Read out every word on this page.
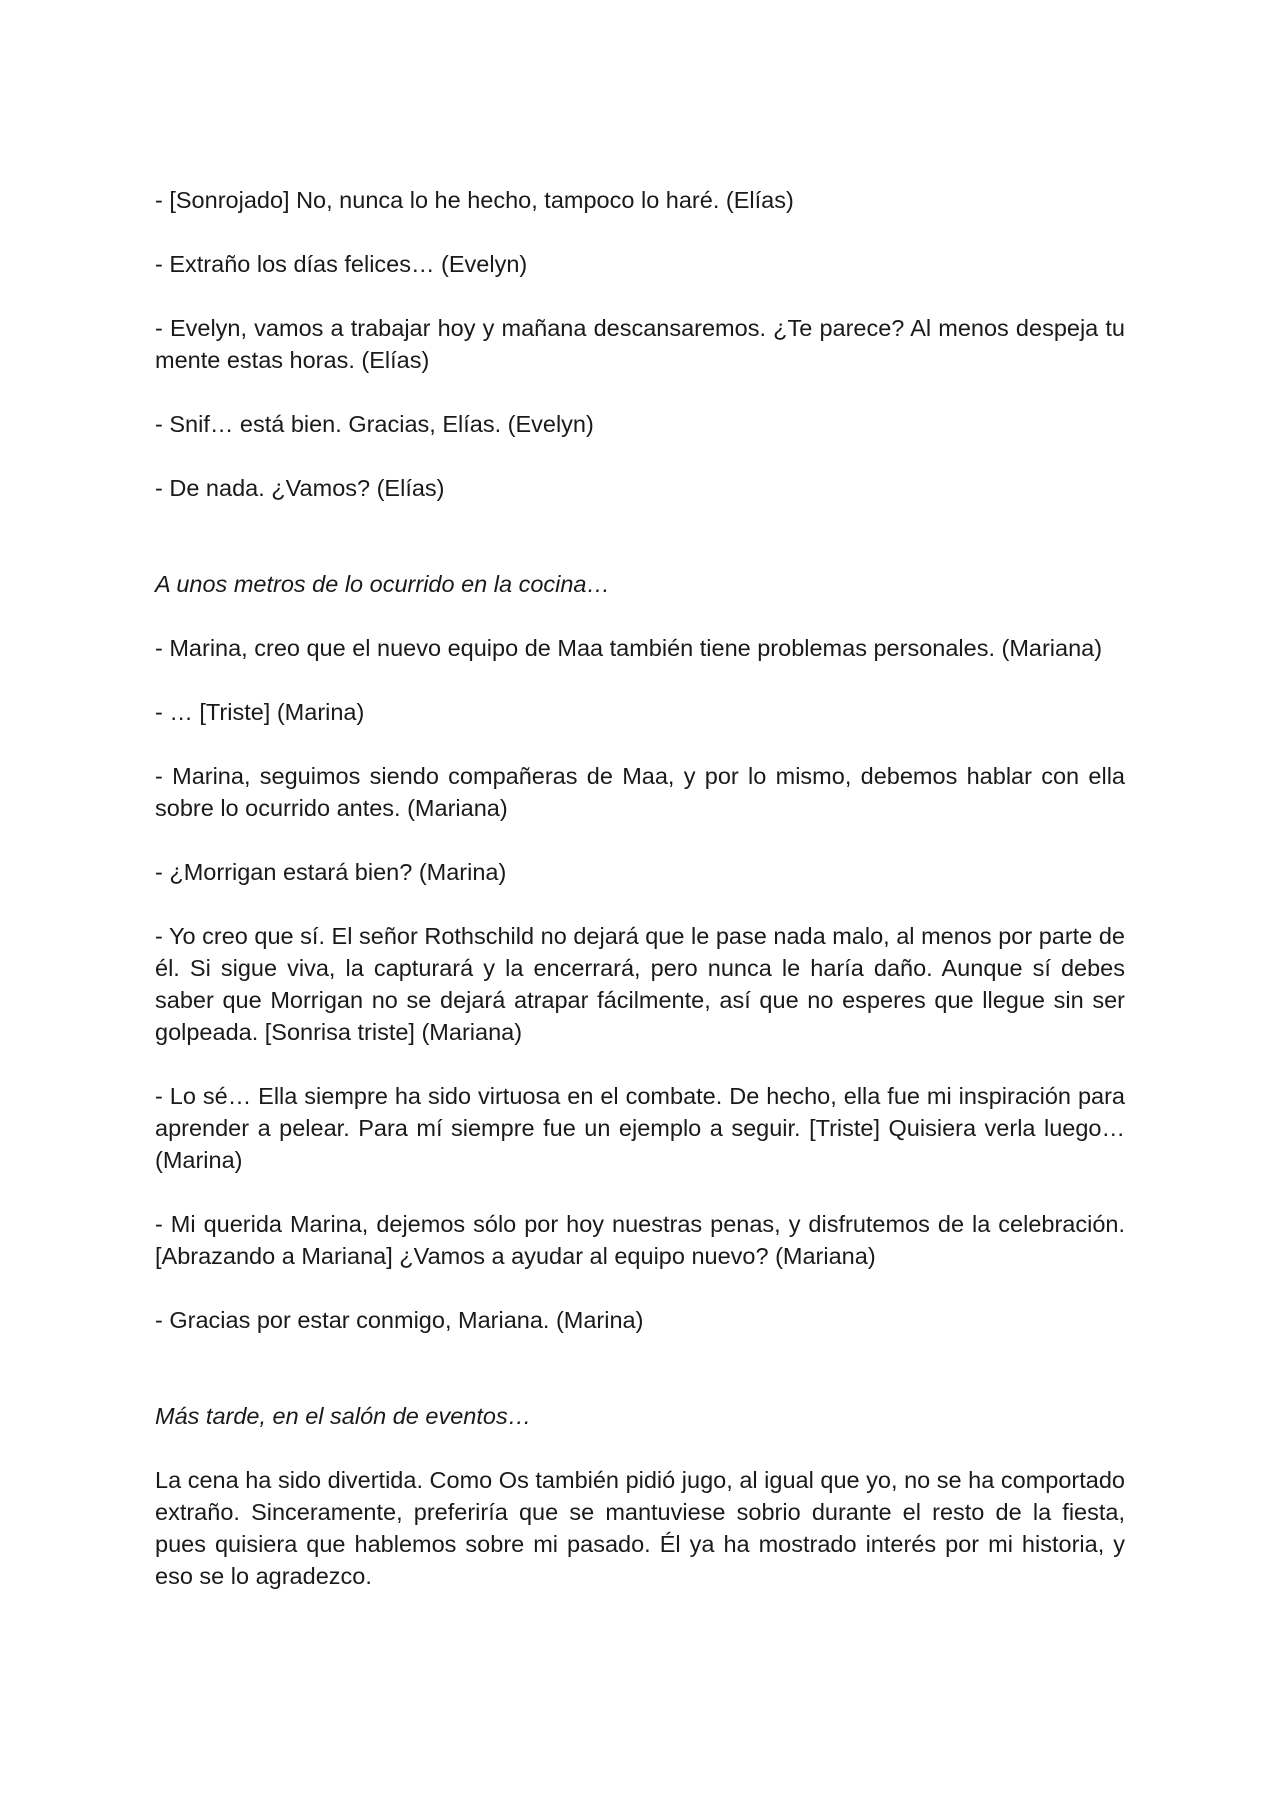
- [Sonrojado] No, nunca lo he hecho, tampoco lo haré. (Elías)

- Extraño los días felices… (Evelyn)

- Evelyn, vamos a trabajar hoy y mañana descansaremos. ¿Te parece? Al menos despeja tu mente estas horas. (Elías)

- Snif… está bien. Gracias, Elías. (Evelyn)

- De nada. ¿Vamos? (Elías)

A unos metros de lo ocurrido en la cocina…

- Marina, creo que el nuevo equipo de Maa también tiene problemas personales. (Mariana)

- … [Triste] (Marina)

- Marina, seguimos siendo compañeras de Maa, y por lo mismo, debemos hablar con ella sobre lo ocurrido antes. (Mariana)

- ¿Morrigan estará bien? (Marina)

- Yo creo que sí. El señor Rothschild no dejará que le pase nada malo, al menos por parte de él. Si sigue viva, la capturará y la encerrará, pero nunca le haría daño. Aunque sí debes saber que Morrigan no se dejará atrapar fácilmente, así que no esperes que llegue sin ser golpeada. [Sonrisa triste] (Mariana)

- Lo sé… Ella siempre ha sido virtuosa en el combate. De hecho, ella fue mi inspiración para aprender a pelear. Para mí siempre fue un ejemplo a seguir. [Triste] Quisiera verla luego… (Marina)

- Mi querida Marina, dejemos sólo por hoy nuestras penas, y disfrutemos de la celebración. [Abrazando a Mariana] ¿Vamos a ayudar al equipo nuevo? (Mariana)

- Gracias por estar conmigo, Mariana. (Marina)

Más tarde, en el salón de eventos…

La cena ha sido divertida. Como Os también pidió jugo, al igual que yo, no se ha comportado extraño. Sinceramente, preferiría que se mantuviese sobrio durante el resto de la fiesta, pues quisiera que hablemos sobre mi pasado. Él ya ha mostrado interés por mi historia, y eso se lo agradezco.
